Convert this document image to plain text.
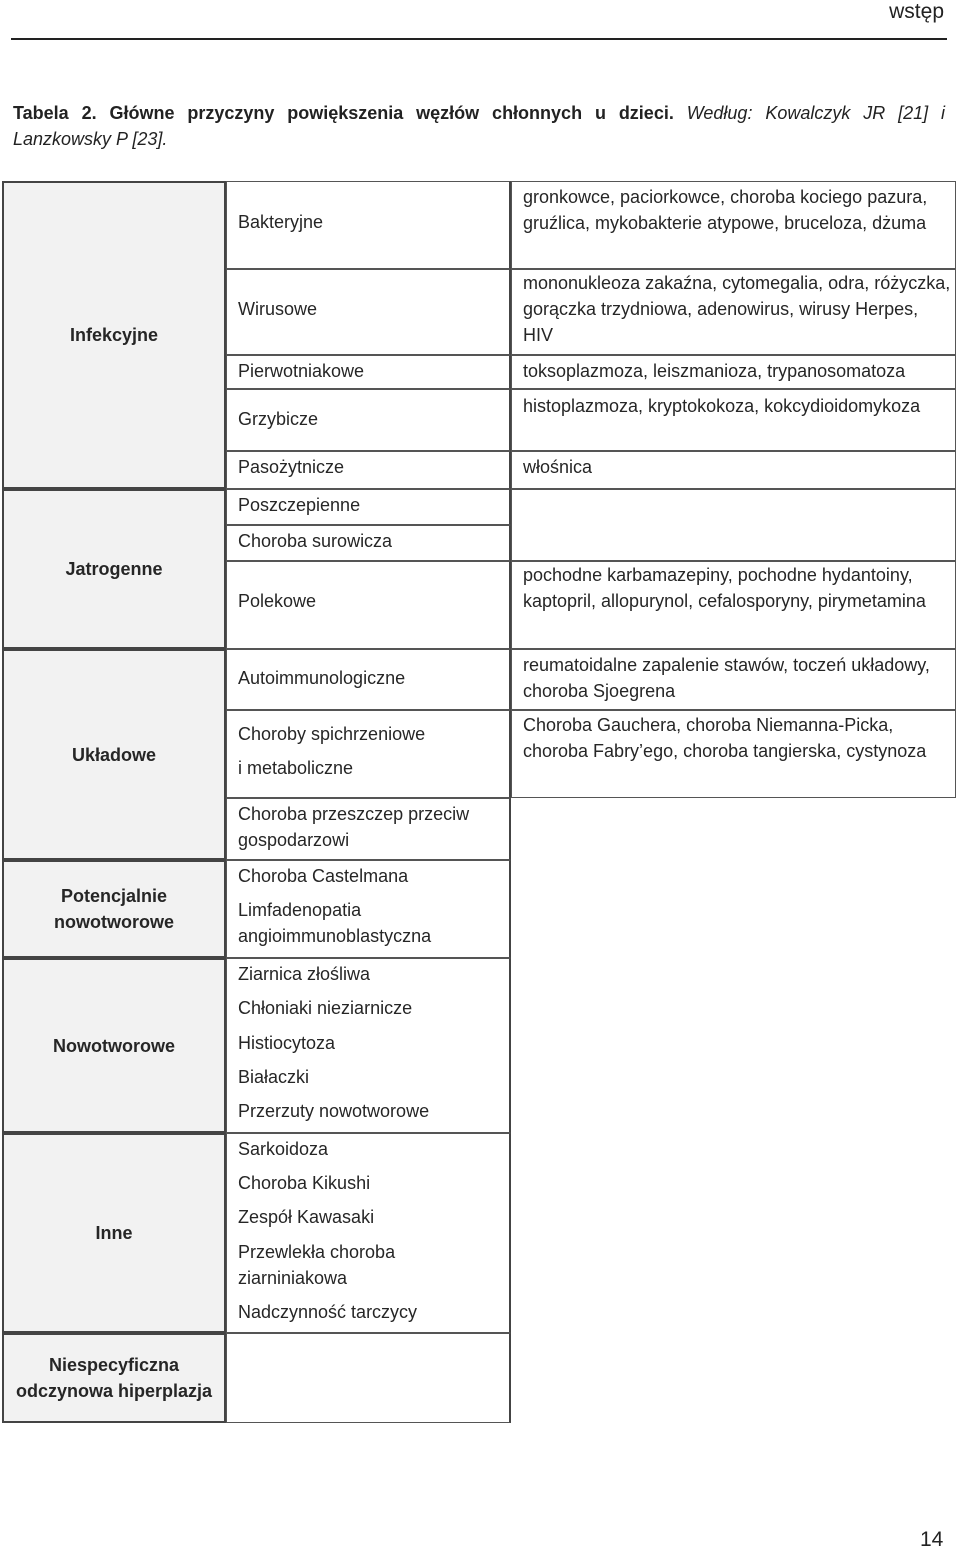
wstęp
Tabela 2. Główne przyczyny powiększenia węzłów chłonnych u dzieci. Według: Kowalczyk JR [21] i Lanzkowsky P [23].
Infekcyjne
Jatrogenne
Układowe
Potencjalnie nowotworowe
Nowotworowe
Inne
Niespecyficzna odczynowa hiperplazja
Bakteryjne
Wirusowe
Pierwotniakowe
Grzybicze
Pasożytnicze
Poszczepienne
Choroba surowicza
Polekowe
Autoimmunologiczne
Choroby spichrzeniowe
i metaboliczne
Choroba przeszczep przeciw gospodarzowi
Choroba Castelmana
Limfadenopatia angioimmunoblastyczna
Ziarnica złośliwa
Chłoniaki nieziarnicze
Histiocytoza
Białaczki
Przerzuty nowotworowe
Sarkoidoza
Choroba Kikushi
Zespół Kawasaki
Przewlekła choroba ziarniniakowa
Nadczynność tarczycy
gronkowce, paciorkowce, choroba kociego pazura, gruźlica, mykobakterie atypowe, bruceloza, dżuma
mononukleoza zakaźna, cytomegalia, odra, różyczka, gorączka trzydniowa, adenowirus, wirusy Herpes, HIV
toksoplazmoza, leiszmanioza, trypanosomatoza
histoplazmoza, kryptokokoza, kokcydioidomykoza
włośnica
pochodne karbamazepiny, pochodne hydantoiny, kaptopril, allopurynol, cefalosporyny, pirymetamina
reumatoidalne zapalenie stawów, toczeń układowy, choroba Sjoegrena
Choroba Gauchera, choroba Niemanna-Picka, choroba Fabry’ego, choroba tangierska, cystynoza
14
